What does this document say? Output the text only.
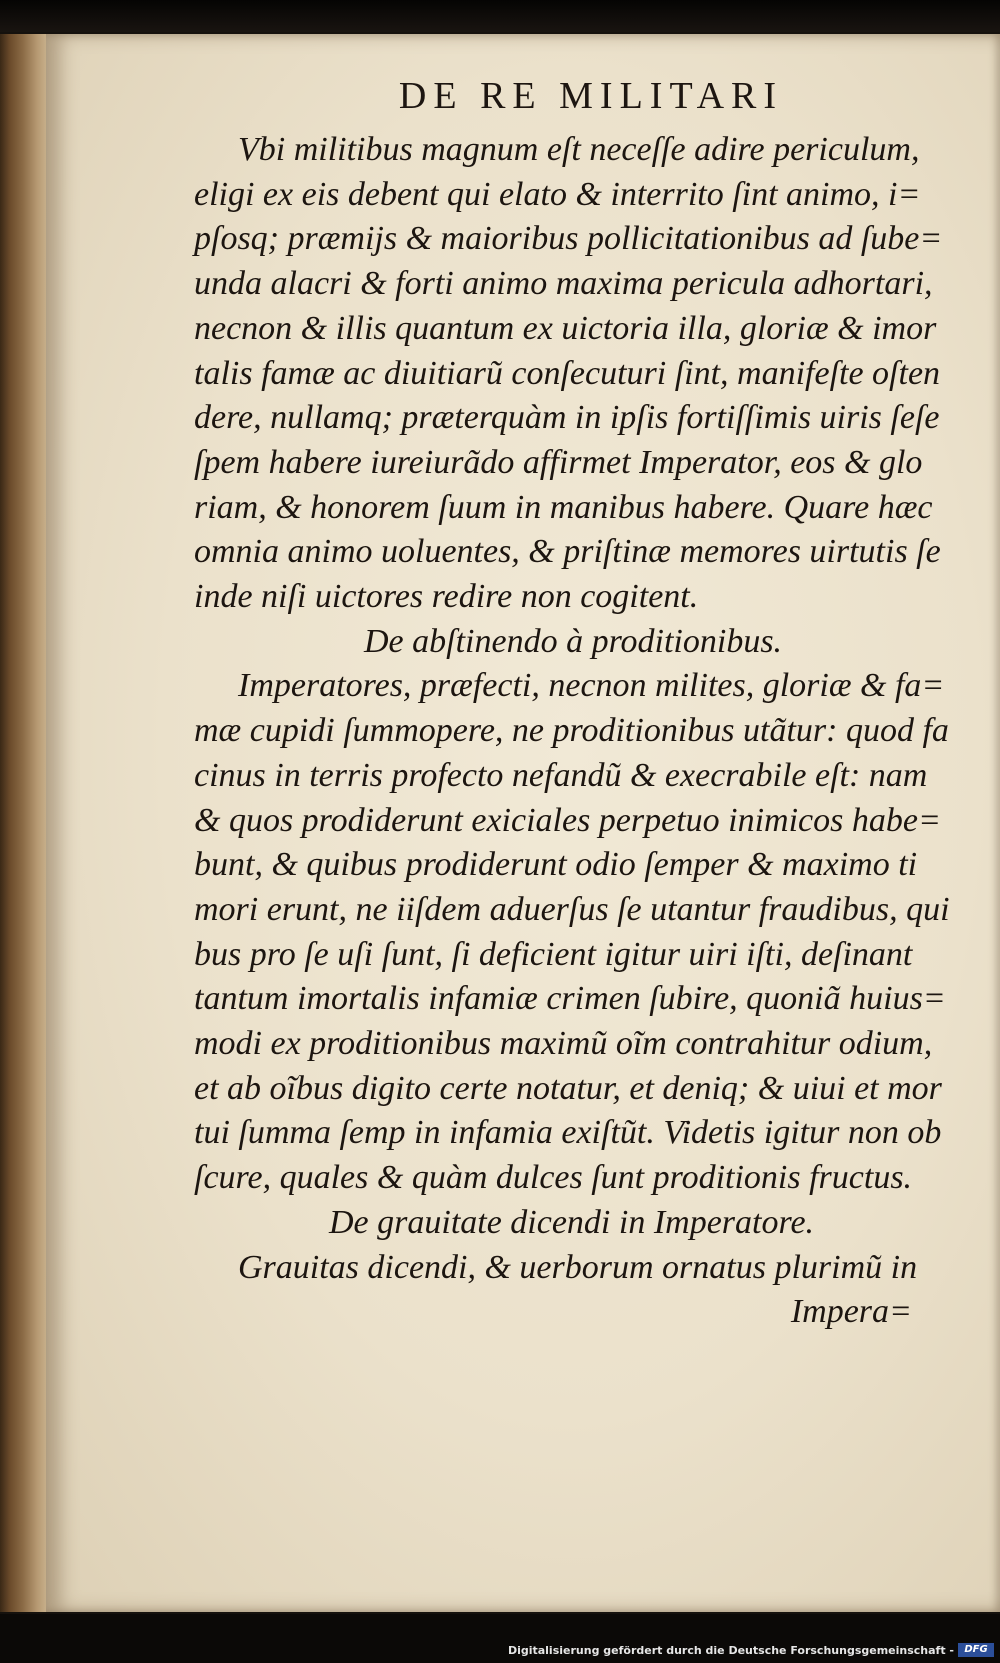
DE RE MILITARI
Vbi militibus magnum eſt neceſſe adire periculum,
eligi ex eis debent qui elato & interrito ſint animo, i=
pſosq; præmijs & maioribus pollicitationibus ad ſube=
unda alacri & forti animo maxima pericula adhortari,
necnon & illis quantum ex uictoria illa, gloriæ & imor
talis famæ ac diuitiarũ conſecuturi ſint, manifeſte oſten
dere, nullamq; præterquàm in ipſis fortiſſimis uiris ſeſe
ſpem habere iureiurãdo affirmet Imperator, eos & glo
riam, & honorem ſuum in manibus habere. Quare hæc
omnia animo uoluentes, & priſtinæ memores uirtutis ſe
inde niſi uictores redire non cogitent.
De abſtinendo à proditionibus.
Imperatores, præfecti, necnon milites, gloriæ & fa=
mæ cupidi ſummopere, ne proditionibus utãtur: quod fa
cinus in terris profecto nefandũ & execrabile eſt: nam
& quos prodiderunt exiciales perpetuo inimicos habe=
bunt, & quibus prodiderunt odio ſemper & maximo ti
mori erunt, ne iiſdem aduerſus ſe utantur fraudibus, qui
bus pro ſe uſi ſunt, ſi deficient igitur uiri iſti, deſinant
tantum imortalis infamiæ crimen ſubire, quoniã huius=
modi ex proditionibus maximũ oĩm contrahitur odium,
et ab oĩbus digito certe notatur, et deniq; & uiui et mor
tui ſumma ſemp in infamia exiſtũt. Videtis igitur non ob
ſcure, quales & quàm dulces ſunt proditionis fructus.
De grauitate dicendi in Imperatore.
Grauitas dicendi, & uerborum ornatus plurimũ in
Impera=
Digitalisierung gefördert durch die Deutsche Forschungsgemeinschaft -	DFG
